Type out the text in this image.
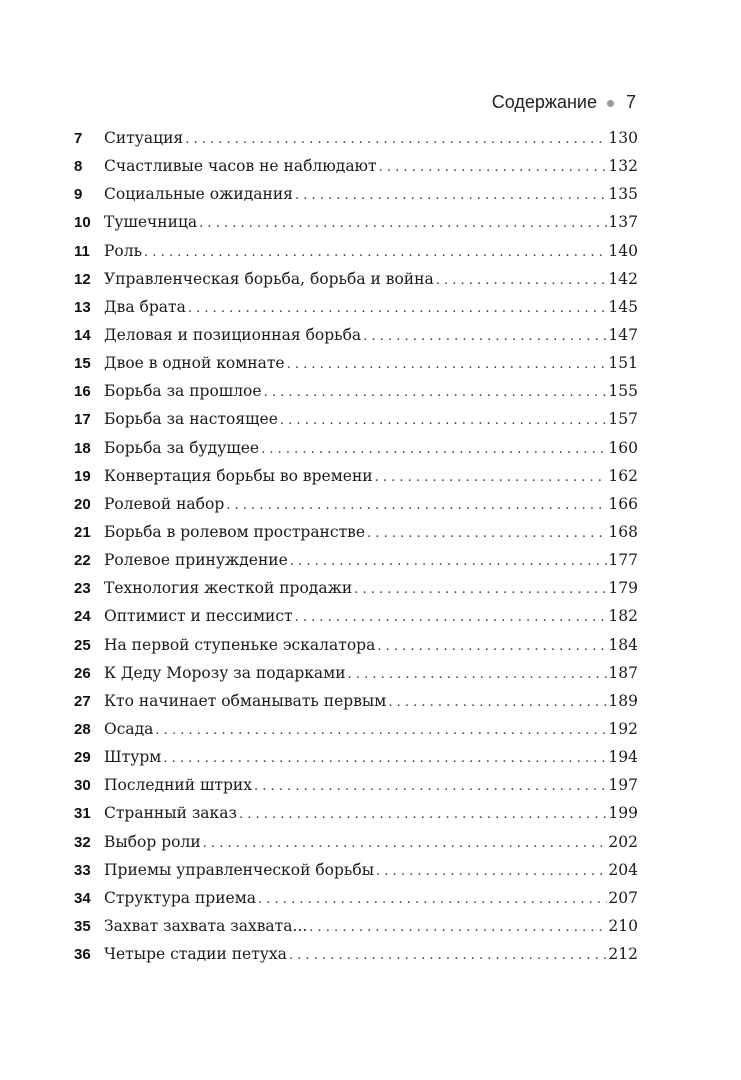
Содержание 7
7	Ситуация . . .	130
8	Счастливые часов не наблюдают . . .	132
9	Социальные ожидания . . .	135
10 Тушечница . . .	137
11 Роль . . .	140
12 Управленческая борьба, борьба и война . . .	142
13 Два брата . . .	145
14 Деловая и позиционная борьба . . .	147
15 Двое в одной комнате . . .	151
16 Борьба за прошлое . . .	155
17 Борьба за настоящее . . .	157
18 Борьба за будущее . . .	160
19 Конвертация борьбы во времени . . .	162
20 Ролевой набор . . .	166
21 Борьба в ролевом пространстве . . .	168
22 Ролевое принуждение . . .	177
23 Технология жесткой продажи . . .	179
24 Оптимист и пессимист . . .	182
25 На первой ступеньке эскалатора . . .	184
26 К Деду Морозу за подарками . . .	187
27 Кто начинает обманывать первым . . .	189
28 Осада . . .	192
29 Штурм . . .	194
30 Последний штрих . . .	197
31 Странный заказ . . .	199
32 Выбор роли . . .	202
33 Приемы управленческой борьбы . . .	204
34 Структура приема . . .	207
35 Захват захвата захвата... . . .	210
36 Четыре стадии петуха . . .	212
